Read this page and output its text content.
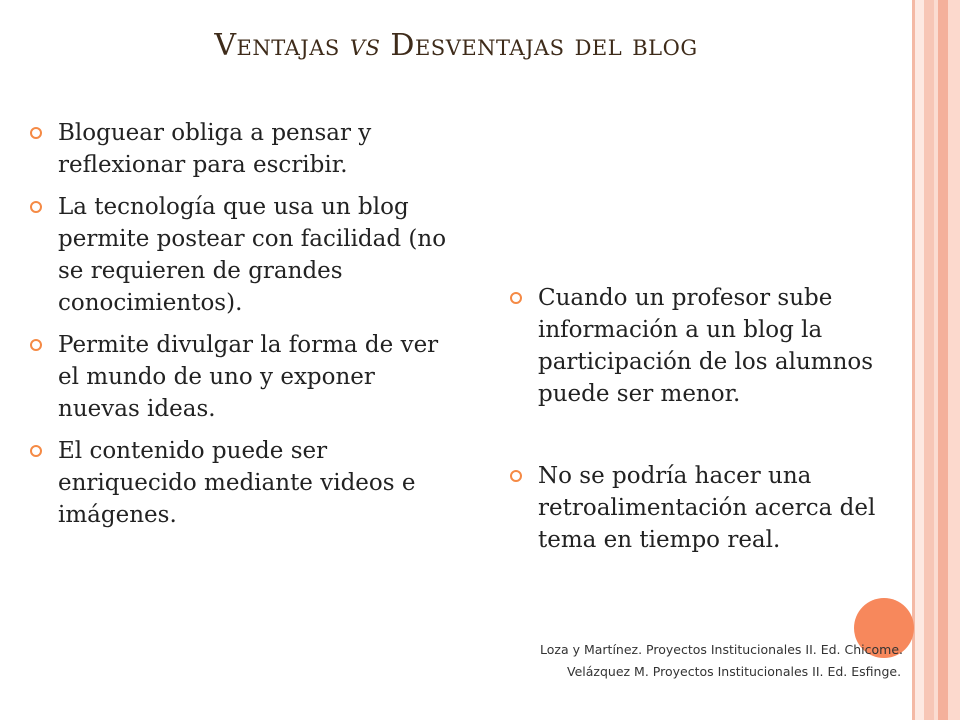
Ventajas vs Desventajas del blog
Bloguear obliga a pensar y reflexionar para escribir.
La tecnología que usa un blog permite postear con facilidad (no se requieren de grandes conocimientos).
Permite divulgar la forma de ver el mundo de uno y exponer nuevas ideas.
El contenido puede ser enriquecido mediante videos e imágenes.
Cuando un profesor sube información a un blog la participación de los alumnos puede ser menor.
No se podría hacer una retroalimentación acerca del tema en tiempo real.
Loza y Martínez. Proyectos Institucionales II. Ed. Chicome.
Velázquez M. Proyectos Institucionales II. Ed. Esfinge.
